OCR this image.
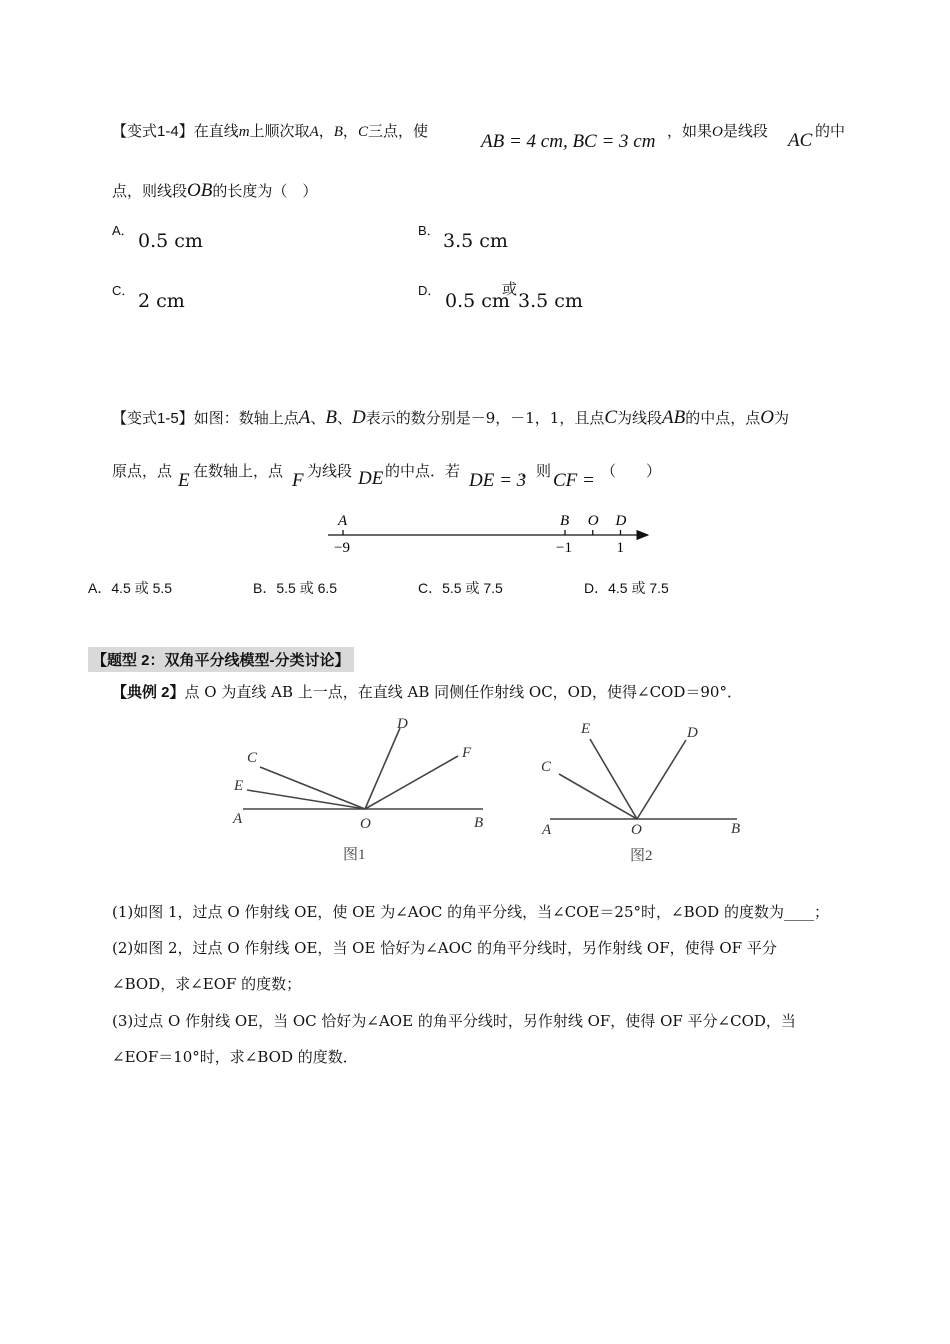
【变式1-4】在直线m上顺次取A，B，C三点，使	AB = 4 cm, BC = 3 cm ，如果O是线段 AC 的中
点，则线段OB的长度为（　）
A． 0.5 cm	B． 3.5 cm
C． 2 cm	D． 0.5 cm
或
3.5 cm
【变式1-5】如图：数轴上点A、B、D表示的数分别是－9，－1，1，且点C为线段AB的中点，点O为
原点，点 E 在数轴上，点 F 为线段 DE 的中点．若 DE = 3
，则 CF = （　　）
A
−9
B
−1
O D
1
A．4.5 或 5.5	B．5.5 或 6.5	C．5.5 或 7.5	D．4.5 或 7.5
【题型 2：双角平分线模型-分类讨论】
【典例 2】点 O 为直线 AB 上一点，在直线 AB 同侧任作射线 OC，OD，使得∠COD＝90°．
A	O	B
C
E
D
F
图1
A	O	B
C
E	D
图2
(1)如图 1，过点 O 作射线 OE，使 OE 为∠AOC 的角平分线，当∠COE＝25°时，∠BOD 的度数为____；
(2)如图 2，过点 O 作射线 OE，当 OE 恰好为∠AOC 的角平分线时，另作射线 OF，使得 OF 平分
∠BOD，求∠EOF 的度数；
(3)过点 O 作射线 OE，当 OC 恰好为∠AOE 的角平分线时，另作射线 OF，使得 OF 平分∠COD，当
∠EOF＝10°时，求∠BOD 的度数．
